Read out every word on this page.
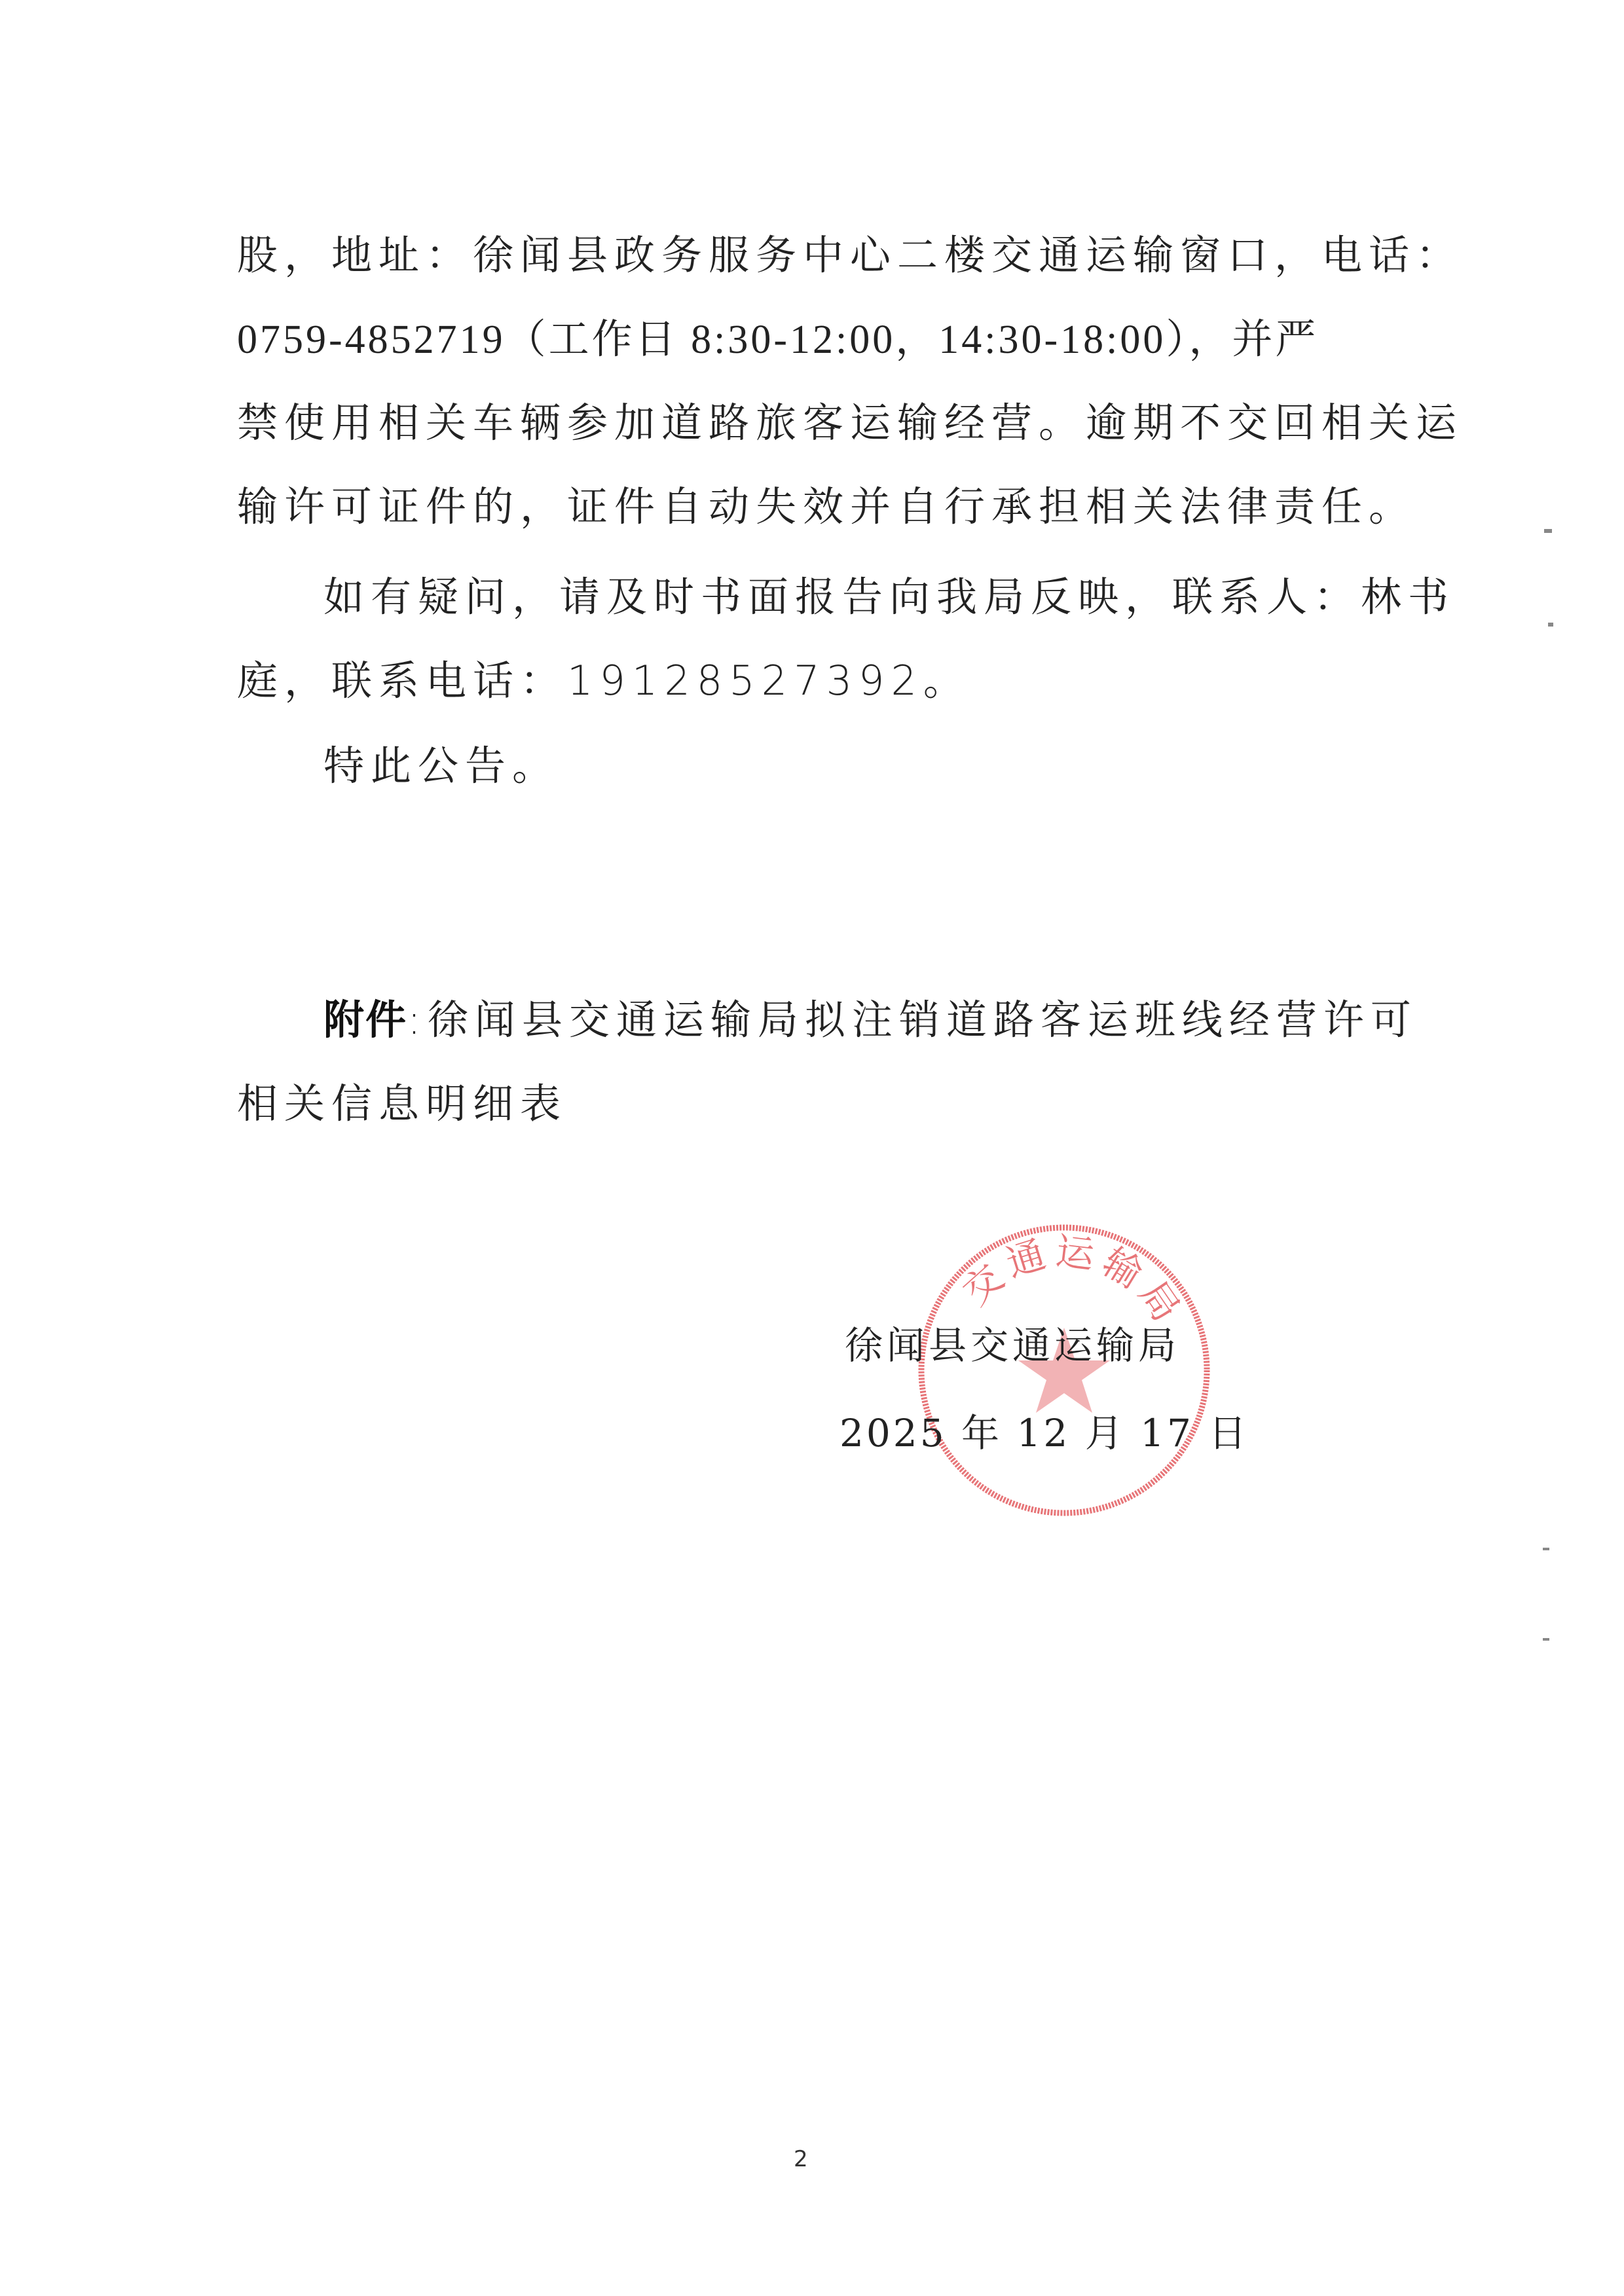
股，地址：徐闻县政务服务中心二楼交通运输窗口，电话：
0759-4852719（工作日 8:30-12:00，14:30-18:00），并严
禁使用相关车辆参加道路旅客运输经营。逾期不交回相关运
输许可证件的，证件自动失效并自行承担相关法律责任。
如有疑问，请及时书面报告向我局反映，联系人：林书
庭，联系电话：19128527392。
特此公告。
附件:徐闻县交通运输局拟注销道路客运班线经营许可
相关信息明细表
交通运输局
徐闻县交通运输局
2025 年 12 月 17 日
2
